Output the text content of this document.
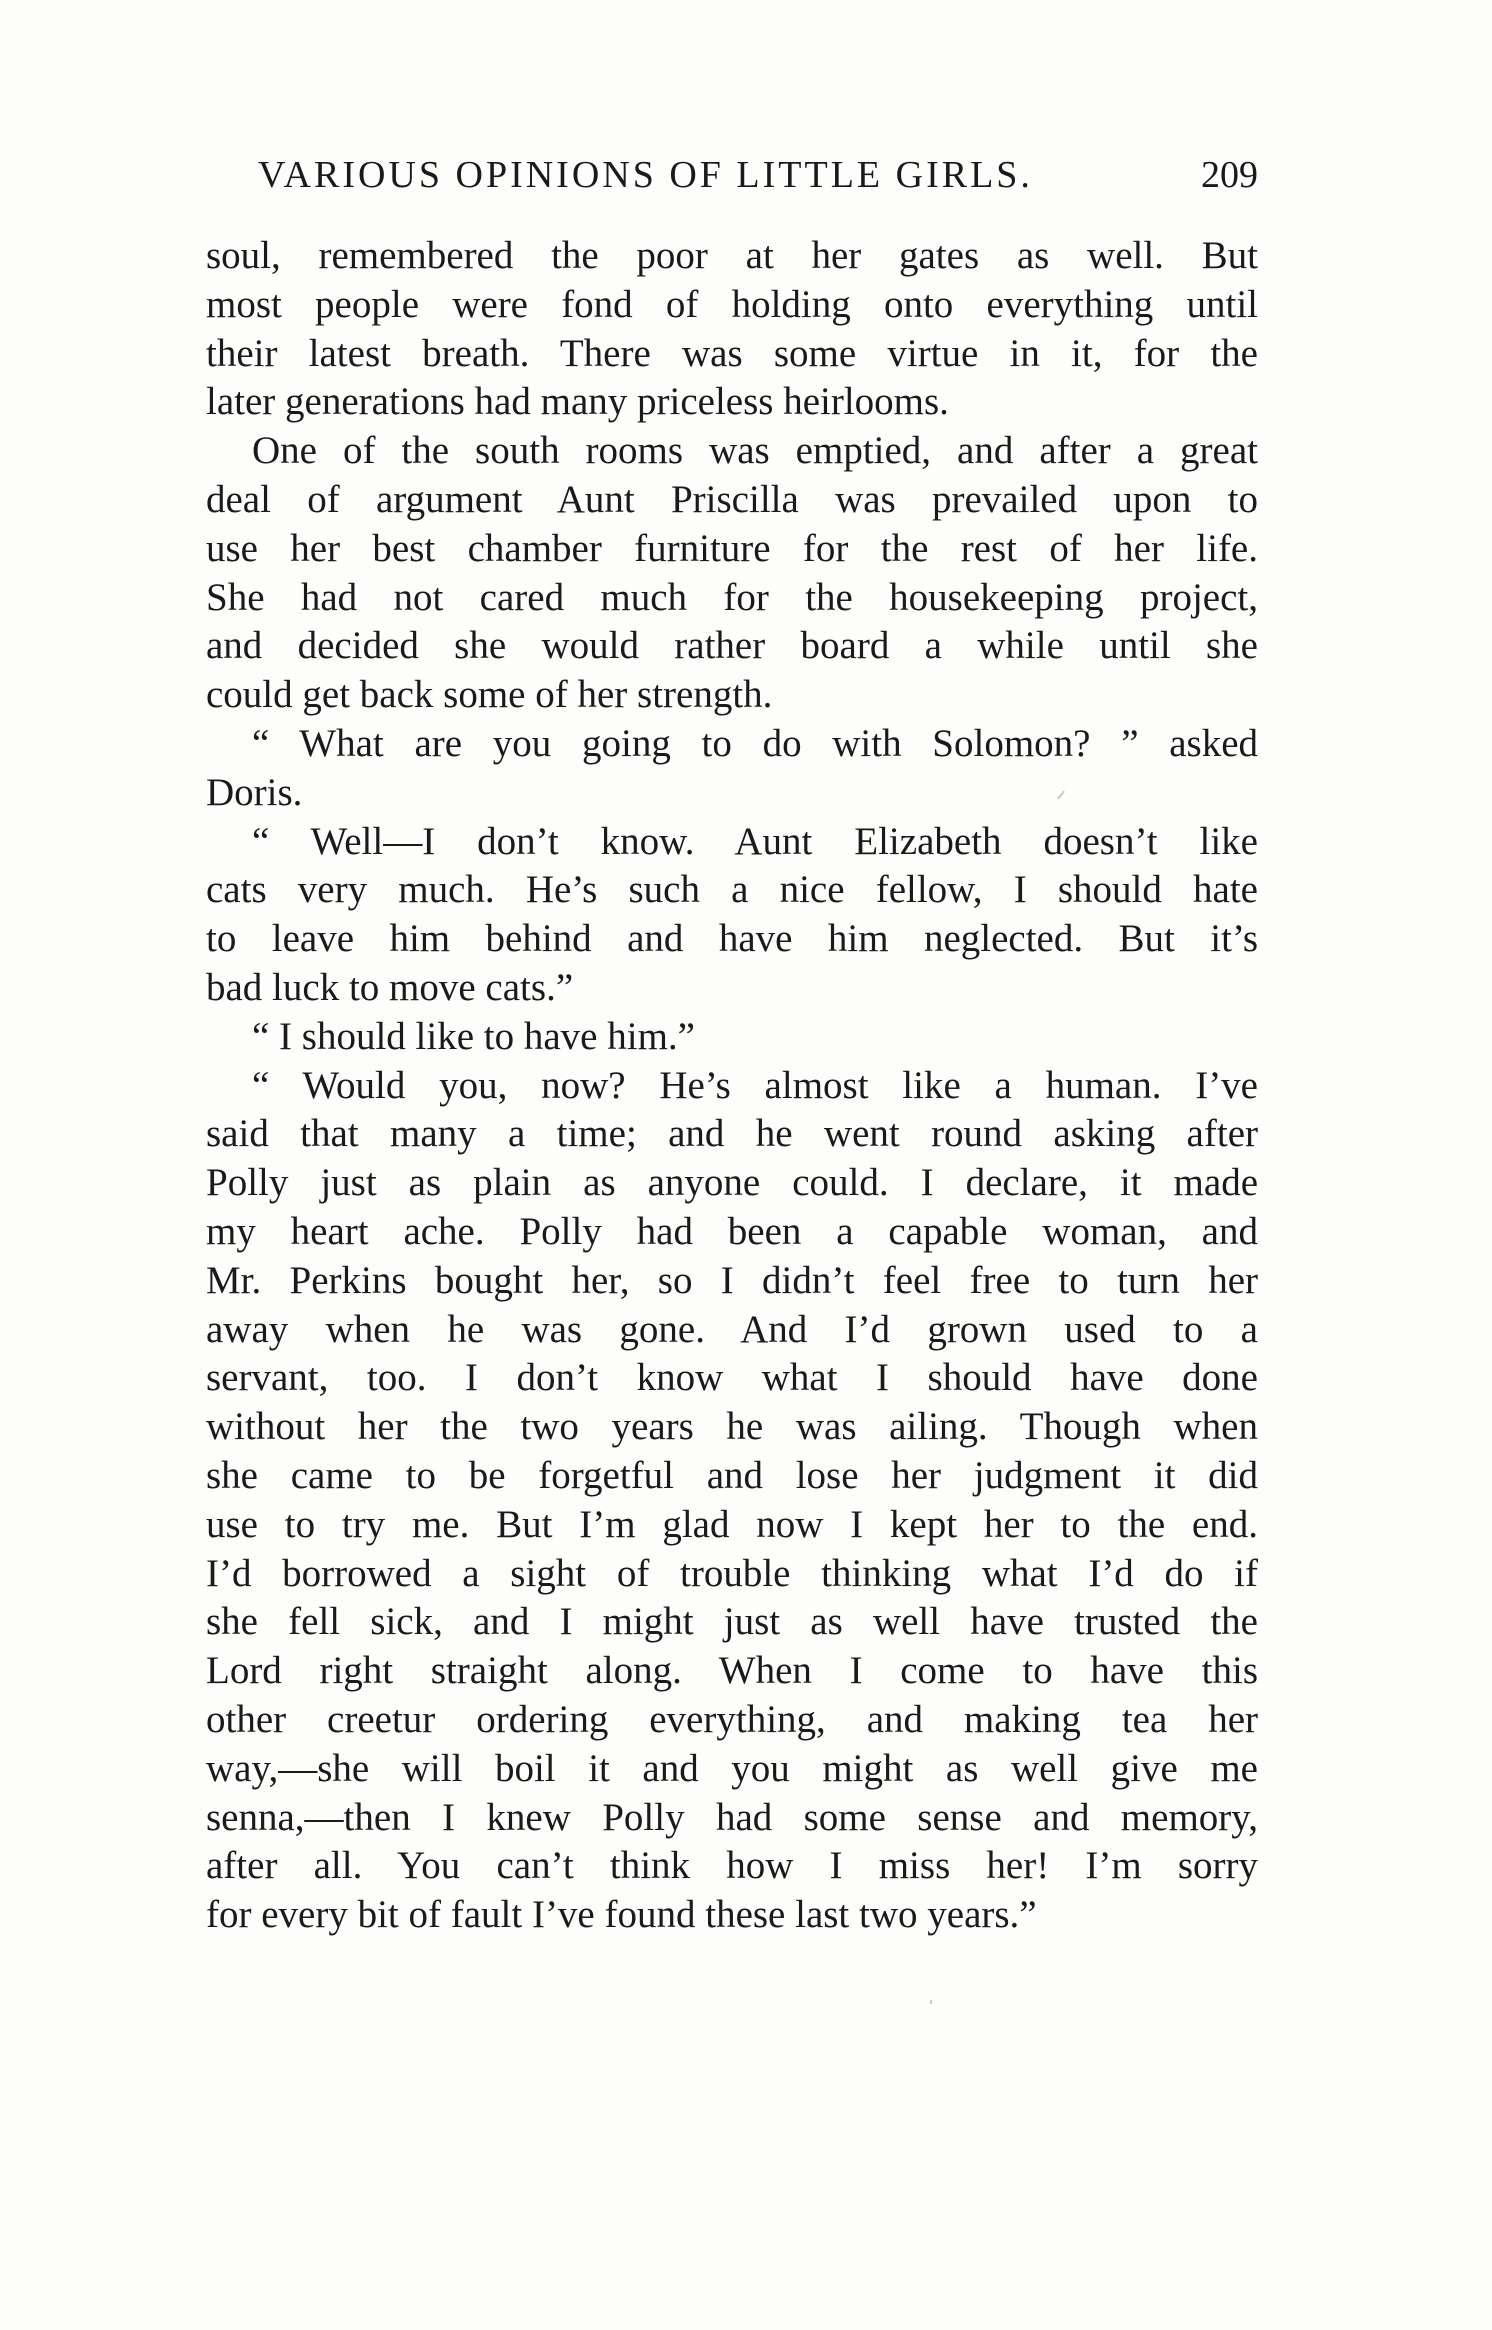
VARIOUS OPINIONS OF LITTLE GIRLS.	209
soul, remembered the poor at her gates as well. But
most people were fond of holding onto everything until
their latest breath. There was some virtue in it, for the
later generations had many priceless heirlooms.
One of the south rooms was emptied, and after a great
deal of argument Aunt Priscilla was prevailed upon to
use her best chamber furniture for the rest of her life.
She had not cared much for the housekeeping project,
and decided she would rather board a while until she
could get back some of her strength.
“ What are you going to do with Solomon? ” asked
Doris.
“ Well—I don’t know. Aunt Elizabeth doesn’t like
cats very much. He’s such a nice fellow, I should hate
to leave him behind and have him neglected. But it’s
bad luck to move cats.”
“ I should like to have him.”
“ Would you, now? He’s almost like a human. I’ve
said that many a time; and he went round asking after
Polly just as plain as anyone could. I declare, it made
my heart ache. Polly had been a capable woman, and
Mr. Perkins bought her, so I didn’t feel free to turn her
away when he was gone. And I’d grown used to a
servant, too. I don’t know what I should have done
without her the two years he was ailing. Though when
she came to be forgetful and lose her judgment it did
use to try me. But I’m glad now I kept her to the end.
I’d borrowed a sight of trouble thinking what I’d do if
she fell sick, and I might just as well have trusted the
Lord right straight along. When I come to have this
other creetur ordering everything, and making tea her
way,—she will boil it and you might as well give me
senna,—then I knew Polly had some sense and memory,
after all. You can’t think how I miss her! I’m sorry
for every bit of fault I’ve found these last two years.”
